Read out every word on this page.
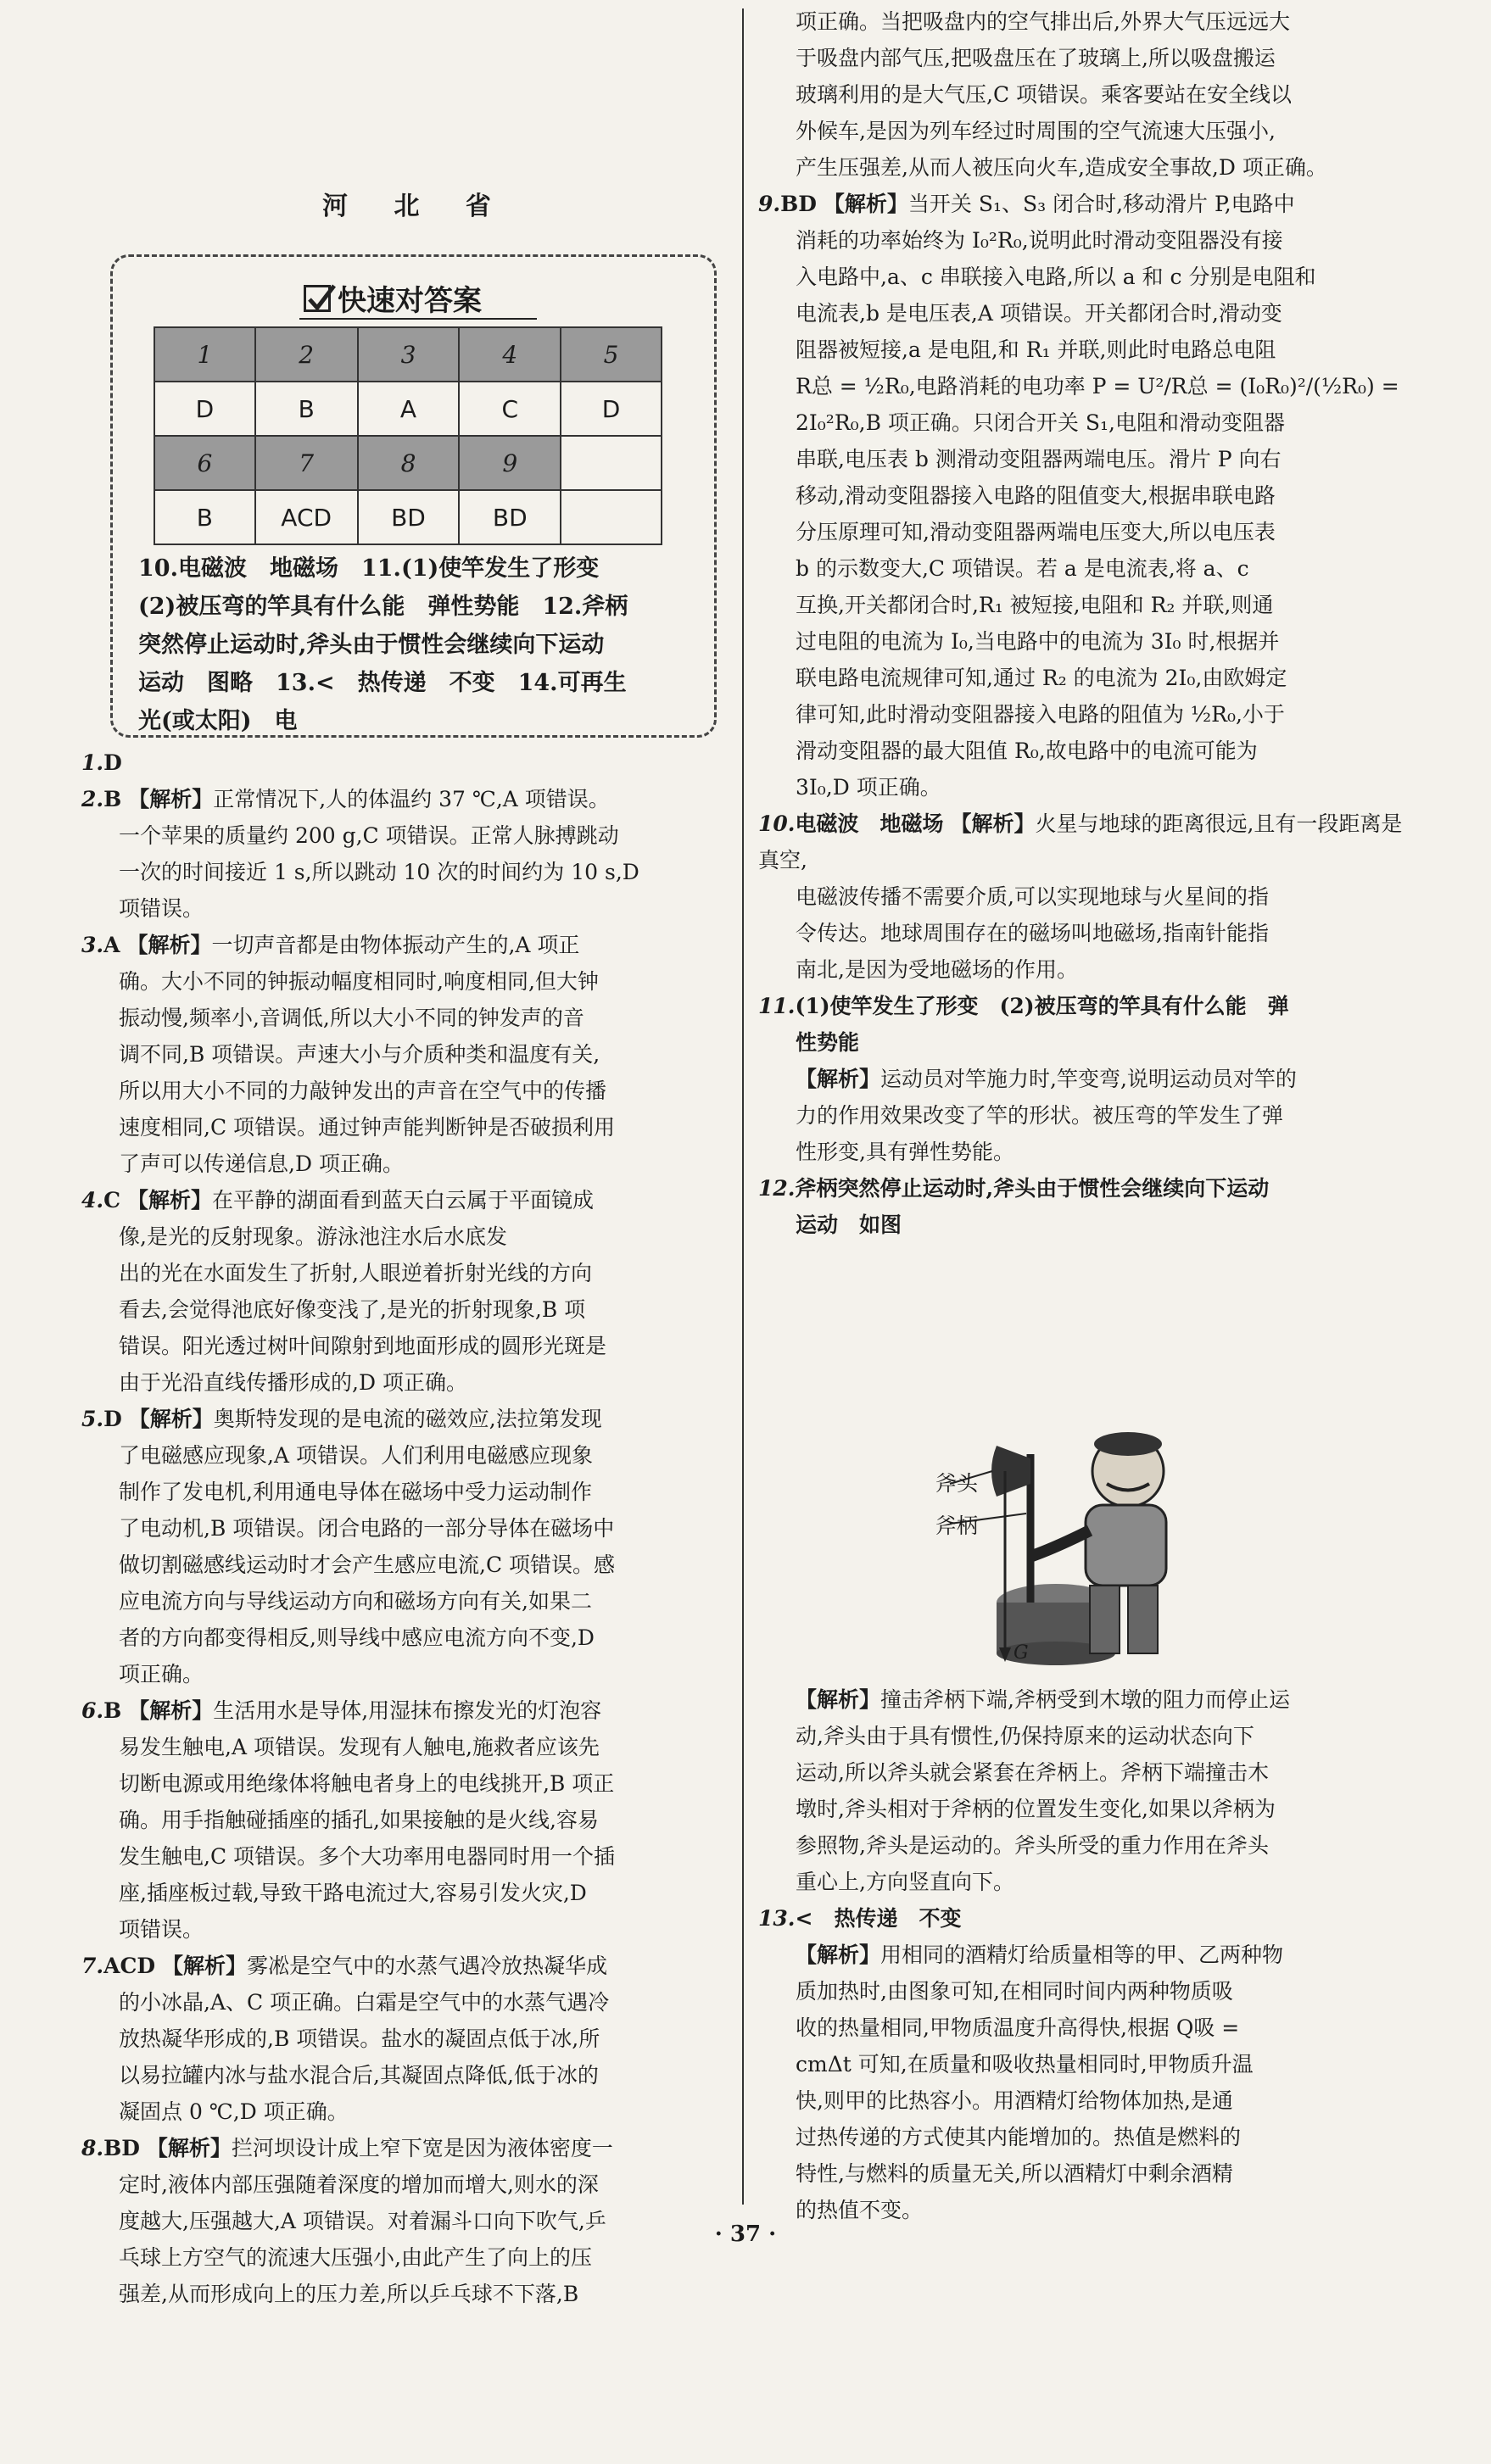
河 北 省
快速对答案
1	2	3	4	5
D	B	A	C	D
6	7	8	9	
B	ACD	BD	BD	
10.电磁波　地磁场　11.(1)使竿发生了形变
(2)被压弯的竿具有什么能　弹性势能　12.斧柄
突然停止运动时,斧头由于惯性会继续向下运动
运动　图略　13.<　热传递　不变　14.可再生
光(或太阳)　电
1.D
2.B 【解析】正常情况下,人的体温约 37 ℃,A 项错误。
一个苹果的质量约 200 g,C 项错误。正常人脉搏跳动
一次的时间接近 1 s,所以跳动 10 次的时间约为 10 s,D
项错误。
3.A 【解析】一切声音都是由物体振动产生的,A 项正
确。大小不同的钟振动幅度相同时,响度相同,但大钟
振动慢,频率小,音调低,所以大小不同的钟发声的音
调不同,B 项错误。声速大小与介质种类和温度有关,
所以用大小不同的力敲钟发出的声音在空气中的传播
速度相同,C 项错误。通过钟声能判断钟是否破损利用
了声可以传递信息,D 项正确。
4.C 【解析】在平静的湖面看到蓝天白云属于平面镜成
像,是光的反射现象。游泳池注水后水底发
出的光在水面发生了折射,人眼逆着折射光线的方向
看去,会觉得池底好像变浅了,是光的折射现象,B 项
错误。阳光透过树叶间隙射到地面形成的圆形光斑是
由于光沿直线传播形成的,D 项正确。
5.D 【解析】奥斯特发现的是电流的磁效应,法拉第发现
了电磁感应现象,A 项错误。人们利用电磁感应现象
制作了发电机,利用通电导体在磁场中受力运动制作
了电动机,B 项错误。闭合电路的一部分导体在磁场中
做切割磁感线运动时才会产生感应电流,C 项错误。感
应电流方向与导线运动方向和磁场方向有关,如果二
者的方向都变得相反,则导线中感应电流方向不变,D
项正确。
6.B 【解析】生活用水是导体,用湿抹布擦发光的灯泡容
易发生触电,A 项错误。发现有人触电,施救者应该先
切断电源或用绝缘体将触电者身上的电线挑开,B 项正
确。用手指触碰插座的插孔,如果接触的是火线,容易
发生触电,C 项错误。多个大功率用电器同时用一个插
座,插座板过载,导致干路电流过大,容易引发火灾,D
项错误。
7.ACD 【解析】雾凇是空气中的水蒸气遇冷放热凝华成
的小冰晶,A、C 项正确。白霜是空气中的水蒸气遇冷
放热凝华形成的,B 项错误。盐水的凝固点低于冰,所
以易拉罐内冰与盐水混合后,其凝固点降低,低于冰的
凝固点 0 ℃,D 项正确。
8.BD 【解析】拦河坝设计成上窄下宽是因为液体密度一
定时,液体内部压强随着深度的增加而增大,则水的深
度越大,压强越大,A 项错误。对着漏斗口向下吹气,乒
乓球上方空气的流速大压强小,由此产生了向上的压
强差,从而形成向上的压力差,所以乒乓球不下落,B
项正确。当把吸盘内的空气排出后,外界大气压远远大
于吸盘内部气压,把吸盘压在了玻璃上,所以吸盘搬运
玻璃利用的是大气压,C 项错误。乘客要站在安全线以
外候车,是因为列车经过时周围的空气流速大压强小,
产生压强差,从而人被压向火车,造成安全事故,D 项正确。
9.BD 【解析】当开关 S₁、S₃ 闭合时,移动滑片 P,电路中
消耗的功率始终为 I₀²R₀,说明此时滑动变阻器没有接
入电路中,a、c 串联接入电路,所以 a 和 c 分别是电阻和
电流表,b 是电压表,A 项错误。开关都闭合时,滑动变
阻器被短接,a 是电阻,和 R₁ 并联,则此时电路总电阻
R总 = ½R₀,电路消耗的电功率 P = U²/R总 = (I₀R₀)²/(½R₀) =
2I₀²R₀,B 项正确。只闭合开关 S₁,电阻和滑动变阻器
串联,电压表 b 测滑动变阻器两端电压。滑片 P 向右
移动,滑动变阻器接入电路的阻值变大,根据串联电路
分压原理可知,滑动变阻器两端电压变大,所以电压表
b 的示数变大,C 项错误。若 a 是电流表,将 a、c
互换,开关都闭合时,R₁ 被短接,电阻和 R₂ 并联,则通
过电阻的电流为 I₀,当电路中的电流为 3I₀ 时,根据并
联电路电流规律可知,通过 R₂ 的电流为 2I₀,由欧姆定
律可知,此时滑动变阻器接入电路的阻值为 ½R₀,小于
滑动变阻器的最大阻值 R₀,故电路中的电流可能为
3I₀,D 项正确。
10.电磁波　地磁场 【解析】火星与地球的距离很远,且有一段距离是真空,
电磁波传播不需要介质,可以实现地球与火星间的指
令传达。地球周围存在的磁场叫地磁场,指南针能指
南北,是因为受地磁场的作用。
11.(1)使竿发生了形变　(2)被压弯的竿具有什么能　弹
性势能
【解析】运动员对竿施力时,竿变弯,说明运动员对竿的
力的作用效果改变了竿的形状。被压弯的竿发生了弹
性形变,具有弹性势能。
12.斧柄突然停止运动时,斧头由于惯性会继续向下运动
运动　如图
【解析】撞击斧柄下端,斧柄受到木墩的阻力而停止运
动,斧头由于具有惯性,仍保持原来的运动状态向下
运动,所以斧头就会紧套在斧柄上。斧柄下端撞击木
墩时,斧头相对于斧柄的位置发生变化,如果以斧柄为
参照物,斧头是运动的。斧头所受的重力作用在斧头
重心上,方向竖直向下。
13.<　热传递　不变
【解析】用相同的酒精灯给质量相等的甲、乙两种物
质加热时,由图象可知,在相同时间内两种物质吸
收的热量相同,甲物质温度升高得快,根据 Q吸 =
cmΔt 可知,在质量和吸收热量相同时,甲物质升温
快,则甲的比热容小。用酒精灯给物体加热,是通
过热传递的方式使其内能增加的。热值是燃料的
特性,与燃料的质量无关,所以酒精灯中剩余酒精
的热值不变。
斧头
斧柄
G
· 37 ·
